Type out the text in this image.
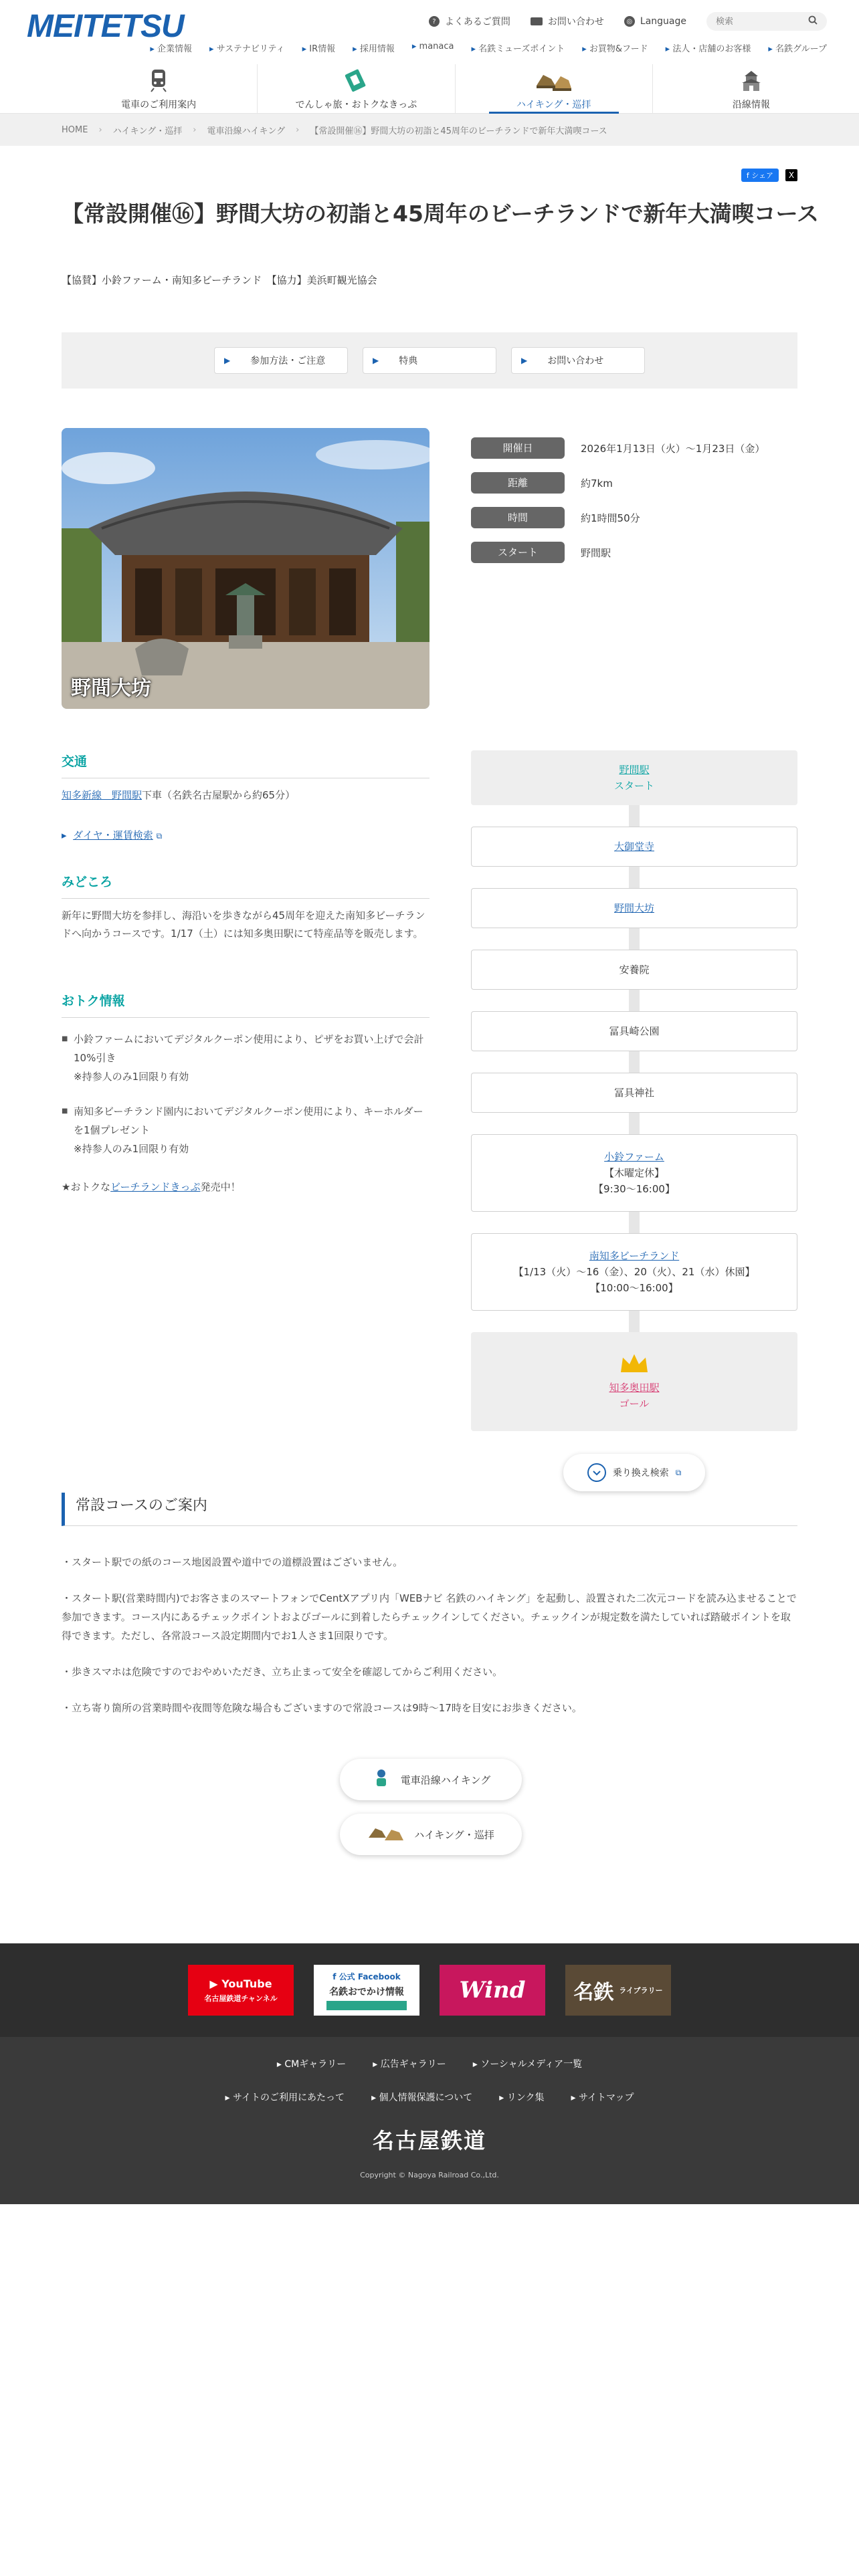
MEITETSU	? よくあるご質問	お問い合わせ	◎ Language
検索
▸ 企業情報	▸ サステナビリティ	▸ IR情報	▸ 採用情報	▸ manaca	▸ 名鉄ミューズポイント	▸ お買物&フード	▸ 法人・店舗のお客様	▸ 名鉄グループ
電車のご利用案内	でんしゃ旅・おトクなきっぷ	ハイキング・巡拝	沿線情報
HOME › ハイキング・巡拝 › 電車沿線ハイキング › 【常設開催⑯】野間大坊の初詣と45周年のビーチランドで新年大満喫コース
f シェア	X
【常設開催⑯】野間大坊の初詣と45周年のビーチランドで新年大満喫コース
【協賛】小鈴ファーム・南知多ビーチランド　【協力】美浜町観光協会
▶ 参加方法・ご注意	▶ 特典	▶ お問い合わせ
野間大坊
開催日	2026年1月13日（火）～1月23日（金）
距離	約7km
時間	約1時間50分
スタート	野間駅
交通
知多新線　野間駅下車（名鉄名古屋駅から約65分）
▸ ダイヤ・運賃検索 ⧉
みどころ
新年に野間大坊を参拝し、海沿いを歩きながら45周年を迎えた南知多ビーチランドへ向かうコースです。1/17（土）には知多奥田駅にて特産品等を販売します。
おトク情報
■ 小鈴ファームにおいてデジタルクーポン使用により、ピザをお買い上げで会計10%引き
※持参人のみ1回限り有効
■ 南知多ビーチランド園内においてデジタルクーポン使用により、キーホルダーを1個プレゼント
※持参人のみ1回限り有効
★おトクなビーチランドきっぷ発売中！
野間駅
スタート
大御堂寺
野間大坊
安養院
冨具崎公園
冨具神社
小鈴ファーム
【木曜定休】
【9:30～16:00】
南知多ビーチランド
【1/13（火）～16（金）、20（火）、21（水）休園】
【10:00～16:00】
知多奥田駅
ゴール
乗り換え検索 ⧉
常設コースのご案内
・スタート駅での紙のコース地図設置や道中での道標設置はございません。
・スタート駅(営業時間内)でお客さまのスマートフォンでCentXアプリ内「WEBナビ 名鉄のハイキング」を起動し、設置された二次元コードを読み込ませることで参加できます。コース内にあるチェックポイントおよびゴールに到着したらチェックインしてください。チェックインが規定数を満たしていれば踏破ポイントを取得できます。ただし、各常設コース設定期間内でお1人さま1回限りです。
・歩きスマホは危険ですのでおやめいただき、立ち止まって安全を確認してからご利用ください。
・立ち寄り箇所の営業時間や夜間等危険な場合もございますので常設コースは9時～17時を目安にお歩きください。
電車沿線ハイキング
ハイキング・巡拝
▶ YouTube
名古屋鉄道チャンネル
f 公式 Facebook
名鉄おでかけ情報 Wind 名鉄 ライブラリー
▸ CMギャラリー	▸ 広告ギャラリー	▸ ソーシャルメディア一覧
▸ サイトのご利用にあたって	▸ 個人情報保護について	▸ リンク集	▸ サイトマップ
名古屋鉄道
Copyright © Nagoya Railroad Co.,Ltd.
